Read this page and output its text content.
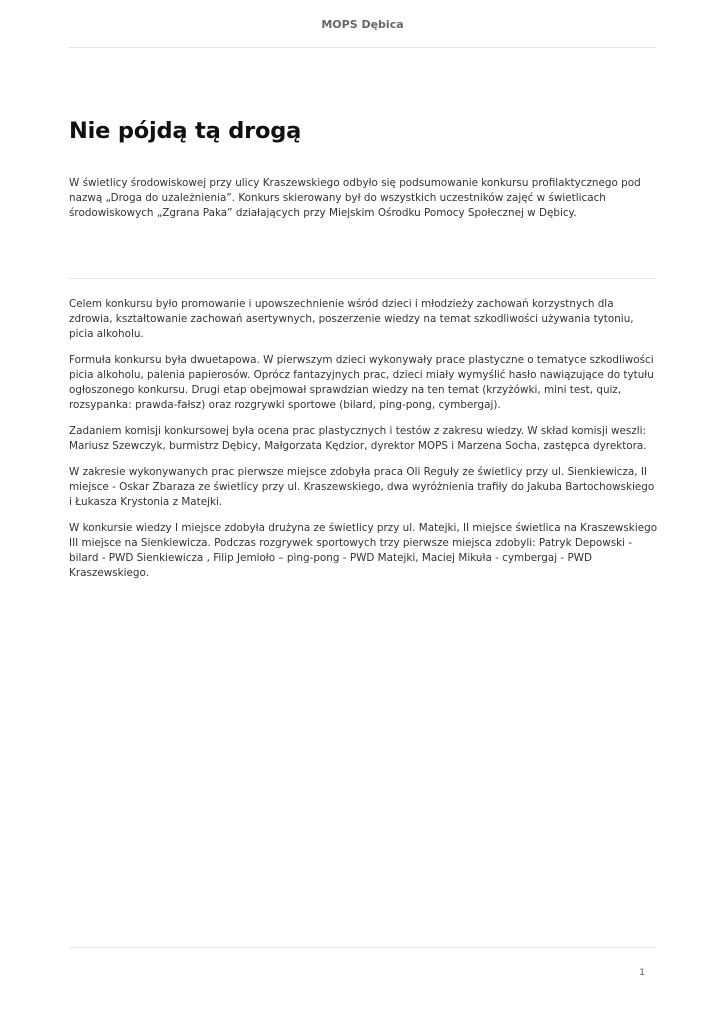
MOPS Dębica
Nie pójdą tą drogą

W świetlicy środowiskowej przy ulicy Kraszewskiego odbyło się podsumowanie konkursu profilaktycznego pod nazwą „Droga do uzależnienia”. Konkurs skierowany był do wszystkich uczestników zajęć w świetlicach środowiskowych „Zgrana Paka” działających przy Miejskim Ośrodku Pomocy Społecznej w Dębicy.

Celem konkursu było promowanie i upowszechnienie wśród dzieci i młodzieży zachowań korzystnych dla zdrowia, kształtowanie zachowań asertywnych, poszerzenie wiedzy na temat szkodliwości używania tytoniu, picia alkoholu.

Formuła konkursu była dwuetapowa. W pierwszym dzieci wykonywały prace plastyczne o tematyce szkodliwości picia alkoholu, palenia papierosów. Oprócz fantazyjnych prac, dzieci miały wymyślić hasło nawiązujące do tytułu ogłoszonego konkursu. Drugi etap obejmował sprawdzian wiedzy na ten temat (krzyżówki, mini test, quiz, rozsypanka: prawda-fałsz) oraz rozgrywki sportowe (bilard, ping-pong, cymbergaj).

Zadaniem komisji konkursowej była ocena prac plastycznych i testów z zakresu wiedzy. W skład komisji weszli: Mariusz Szewczyk, burmistrz Dębicy, Małgorzata Kędzior, dyrektor MOPS i Marzena Socha, zastępca dyrektora.

W zakresie wykonywanych prac pierwsze miejsce zdobyła praca Oli Reguły ze świetlicy przy ul. Sienkiewicza, II miejsce - Oskar Zbaraza ze świetlicy przy ul. Kraszewskiego, dwa wyróżnienia trafiły do Jakuba Bartochowskiego i Łukasza Krystonia z Matejki.

W konkursie wiedzy I miejsce zdobyła drużyna ze świetlicy przy ul. Matejki, II miejsce świetlica na Kraszewskiego III miejsce na Sienkiewicza. Podczas rozgrywek sportowych trzy pierwsze miejsca zdobyli: Patryk Depowski - bilard - PWD Sienkiewicza , Filip Jemioło – ping-pong - PWD Matejki, Maciej Mikuła - cymbergaj - PWD Kraszewskiego.

1
